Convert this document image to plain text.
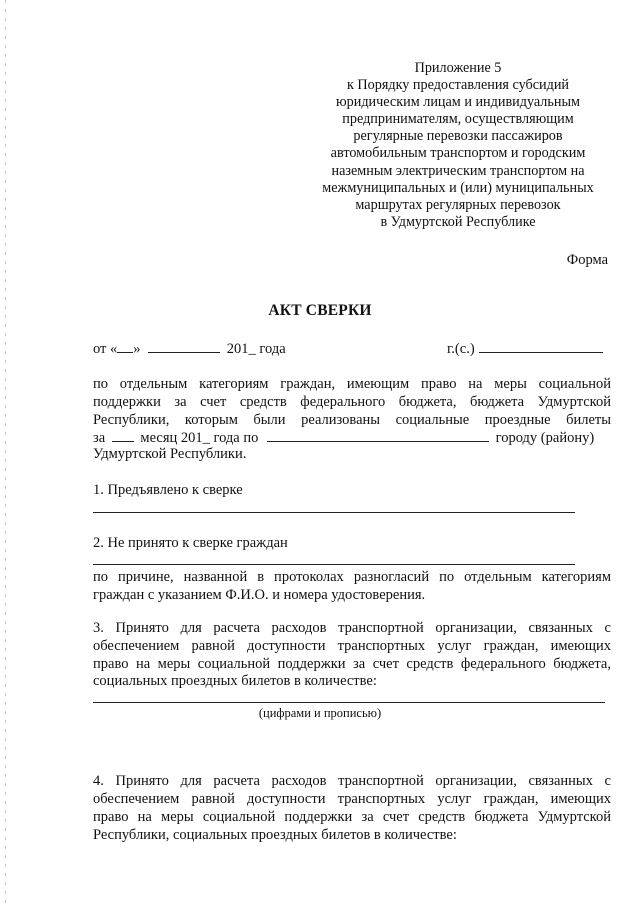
Приложение 5
к Порядку предоставления субсидий
юридическим лицам и индивидуальным
предпринимателям, осуществляющим
регулярные перевозки пассажиров
автомобильным транспортом и городским
наземным электрическим транспортом на
межмуниципальных и (или) муниципальных
маршрутах регулярных перевозок
в Удмуртской Республике
Форма
АКТ СВЕРКИ
от « »	201_ года	г.(с.)
по отдельным категориям граждан, имеющим право на меры социальной
поддержки за счет средств федерального бюджета, бюджета Удмуртской
Республики, которым были реализованы социальные проездные билеты
за месяц 201_ года по	городу (району)
Удмуртской Республики.
1. Предъявлено к сверке
2. Не принято к сверке граждан
по причине, названной в протоколах разногласий по отдельным категориям
граждан с указанием Ф.И.О. и номера удостоверения.
3. Принято для расчета расходов транспортной организации, связанных с
обеспечением равной доступности транспортных услуг граждан, имеющих
право на меры социальной поддержки за счет средств федерального бюджета,
социальных проездных билетов в количестве:
(цифрами и прописью)
4. Принято для расчета расходов транспортной организации, связанных с
обеспечением равной доступности транспортных услуг граждан, имеющих
право на меры социальной поддержки за счет средств бюджета Удмуртской
Республики, социальных проездных билетов в количестве:
